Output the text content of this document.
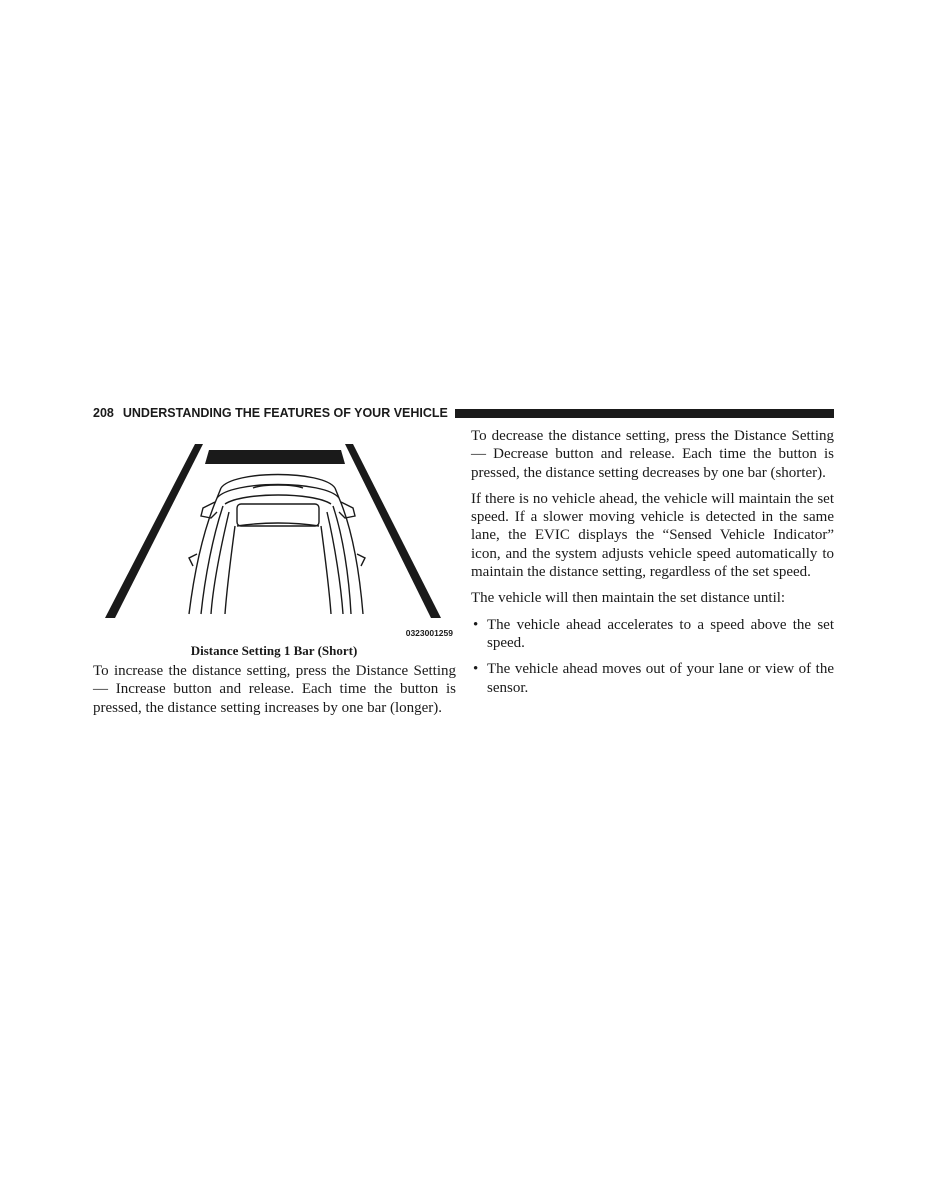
208 UNDERSTANDING THE FEATURES OF YOUR VEHICLE
0323001259
Distance Setting 1 Bar (Short)

To increase the distance setting, press the Distance Setting — Increase button and release. Each time the button is pressed, the distance setting increases by one bar (longer).

To decrease the distance setting, press the Distance Setting — Decrease button and release. Each time the button is pressed, the distance setting decreases by one bar (shorter).

If there is no vehicle ahead, the vehicle will maintain the set speed. If a slower moving vehicle is detected in the same lane, the EVIC displays the “Sensed Vehicle Indicator” icon, and the system adjusts vehicle speed automatically to maintain the distance setting, regardless of the set speed.

The vehicle will then maintain the set distance until:

• The vehicle ahead accelerates to a speed above the set speed.
• The vehicle ahead moves out of your lane or view of the sensor.
